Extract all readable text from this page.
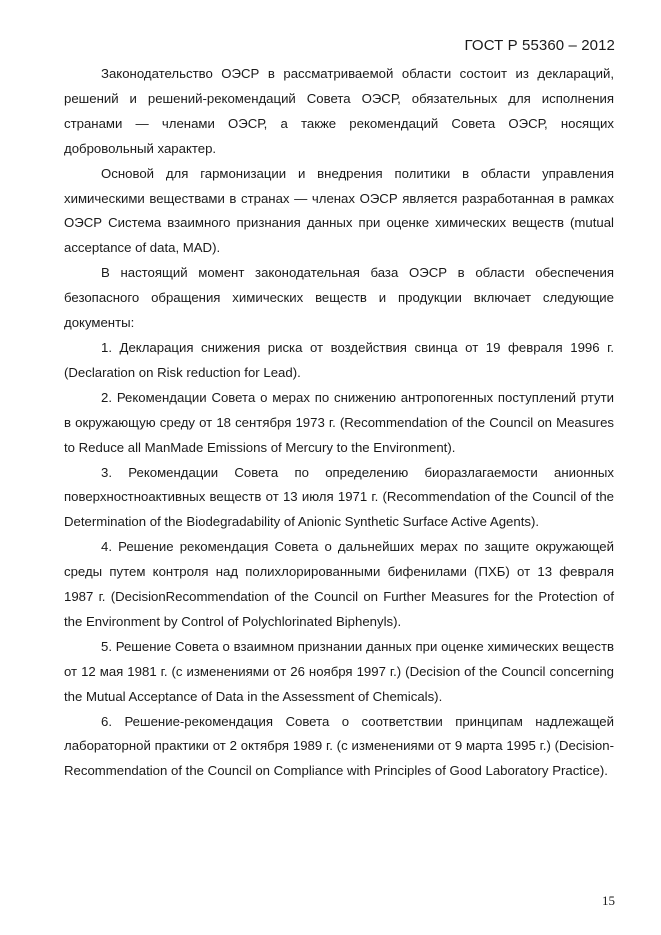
ГОСТ Р 55360 – 2012

Законодательство ОЭСР в рассматриваемой области состоит из деклараций, решений и решений-рекомендаций Совета ОЭСР, обязательных для исполнения странами — членами ОЭСР, а также рекомендаций Совета ОЭСР, носящих добровольный характер.

Основой для гармонизации и внедрения политики в области управления химическими веществами в странах — членах ОЭСР является разработанная в рамках ОЭСР Система взаимного признания данных при оценке химических веществ (mutual acceptance of data, MAD).

В настоящий момент законодательная база ОЭСР в области обеспечения безопасного обращения химических веществ и продукции включает следующие документы:

1. Декларация снижения риска от воздействия свинца от 19 февраля 1996 г. (Declaration on Risk reduction for Lead).

2. Рекомендации Совета о мерах по снижению антропогенных поступлений ртути в окружающую среду от 18 сентября 1973 г. (Recommendation of the Council on Measures to Reduce all ManMade Emissions of Mercury to the Environment).

3. Рекомендации Совета по определению биоразлагаемости анионных поверхностноактивных веществ от 13 июля 1971 г. (Recommendation of the Council of the Determination of the Biodegradability of Anionic Synthetic Surface Active Agents).

4. Решение рекомендация Совета о дальнейших мерах по защите окружающей среды путем контроля над полихлорированными бифенилами (ПХБ) от 13 февраля 1987 г. (DecisionRecommendation of the Council on Further Measures for the Protection of the Environment by Control of Polychlorinated Biphenyls).

5. Решение Совета о взаимном признании данных при оценке химических веществ от 12 мая 1981 г. (с изменениями от 26 ноября 1997 г.) (Decision of the Council concerning the Mutual Acceptance of Data in the Assessment of Chemicals).

6. Решение-рекомендация Совета о соответствии принципам надлежащей лабораторной практики от 2 октября 1989 г. (с изменениями от 9 марта 1995 г.) (Decision-Recommendation of the Council on Compliance with Principles of Good Laboratory Practice).

15
